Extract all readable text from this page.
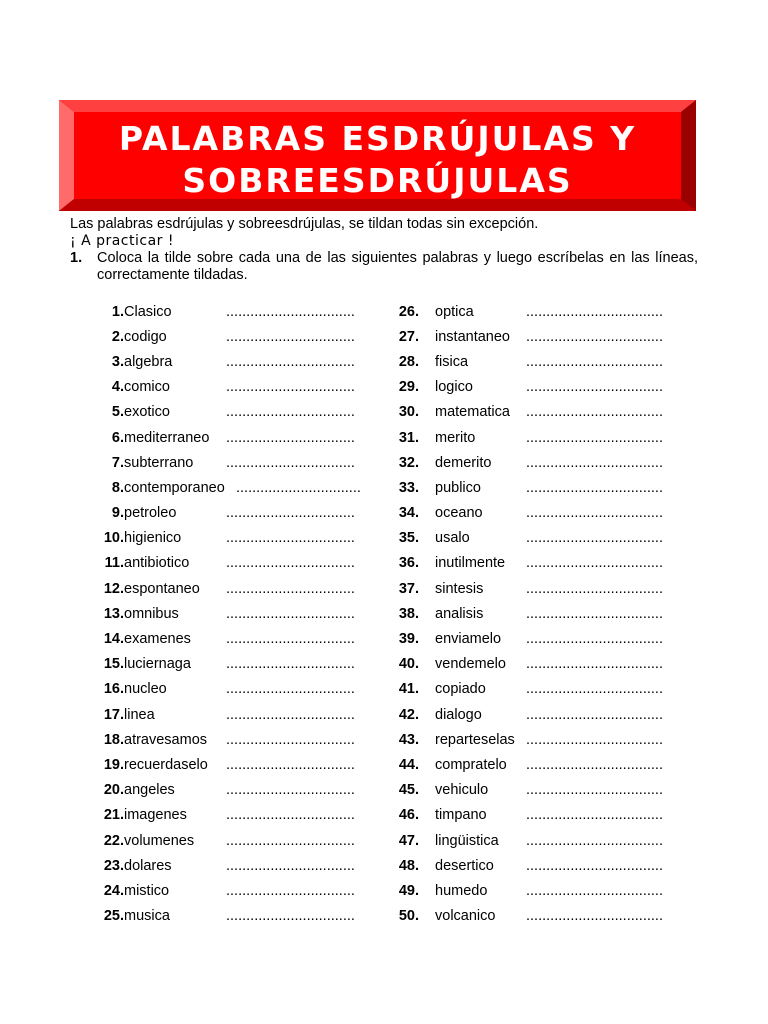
PALABRAS ESDRÚJULAS Y
SOBREESDRÚJULAS
Las palabras esdrújulas y sobreesdrújulas, se tildan todas sin excepción.
¡ A practicar !
1.	Coloca la tilde sobre cada una de las siguientes palabras y luego escríbelas en las líneas, correctamente tildadas.
1. Clasico	................................
2. codigo	................................
3. algebra	................................
4. comico	................................
5. exotico	................................
6. mediterraneo ................................
7. subterrano ................................
8. contemporaneo ...............................
9. petroleo	................................
10. higienico	................................
11. antibiotico	................................
12. espontaneo ................................
13. omnibus	................................
14. examenes ................................
15. luciernaga ................................
16. nucleo	................................
17. linea	................................
18. atravesamos ................................
19. recuerdaselo ................................
20. angeles	................................
21. imagenes	................................
22. volumenes ................................
23. dolares	................................
24. mistico	................................
25. musica	................................
26. optica	..................................
27. instantaneo ..................................
28. fisica	..................................
29. logico	..................................
30. matematica ..................................
31. merito	..................................
32. demerito ..................................
33. publico	..................................
34. oceano	..................................
35. usalo	..................................
36. inutilmente ..................................
37. sintesis	..................................
38. analisis	..................................
39. enviamelo ..................................
40. vendemelo ..................................
41. copiado	..................................
42. dialogo	..................................
43. reparteselas ..................................
44. compratelo ..................................
45. vehiculo	..................................
46. timpano	..................................
47. lingüistica ..................................
48. desertico ..................................
49. humedo	..................................
50. volcanico ..................................
